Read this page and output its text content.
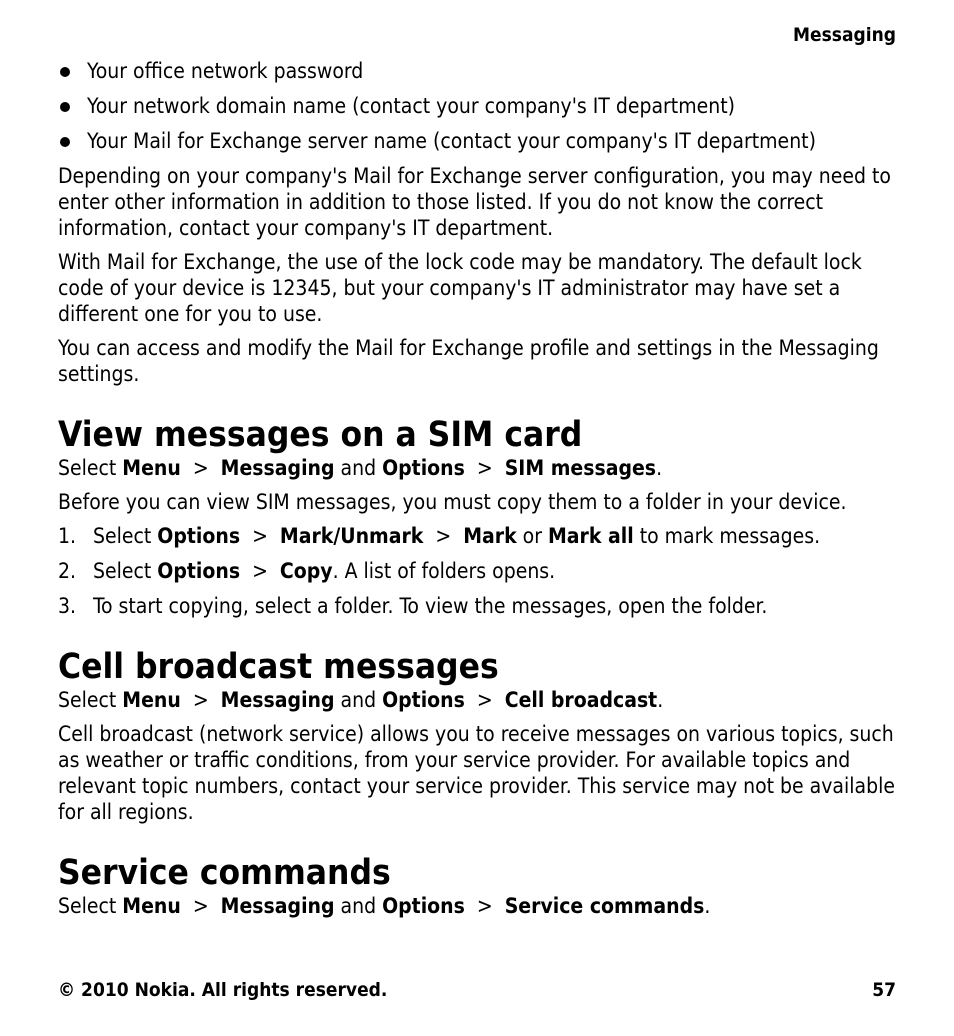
Messaging
Your office network password
Your network domain name (contact your company's IT department)
Your Mail for Exchange server name (contact your company's IT department)

Depending on your company's Mail for Exchange server configuration, you may need to enter other information in addition to those listed. If you do not know the correct information, contact your company's IT department.

With Mail for Exchange, the use of the lock code may be mandatory. The default lock code of your device is 12345, but your company's IT administrator may have set a different one for you to use.

You can access and modify the Mail for Exchange profile and settings in the Messaging settings.

View messages on a SIM card

Select Menu > Messaging and Options > SIM messages.

Before you can view SIM messages, you must copy them to a folder in your device.

1. Select Options > Mark/Unmark > Mark or Mark all to mark messages.
2. Select Options > Copy. A list of folders opens.
3. To start copying, select a folder. To view the messages, open the folder.
Cell broadcast messages

Select Menu > Messaging and Options > Cell broadcast.

Cell broadcast (network service) allows you to receive messages on various topics, such as weather or traffic conditions, from your service provider. For available topics and relevant topic numbers, contact your service provider. This service may not be available for all regions.

Service commands

Select Menu > Messaging and Options > Service commands.

© 2010 Nokia. All rights reserved.	57
